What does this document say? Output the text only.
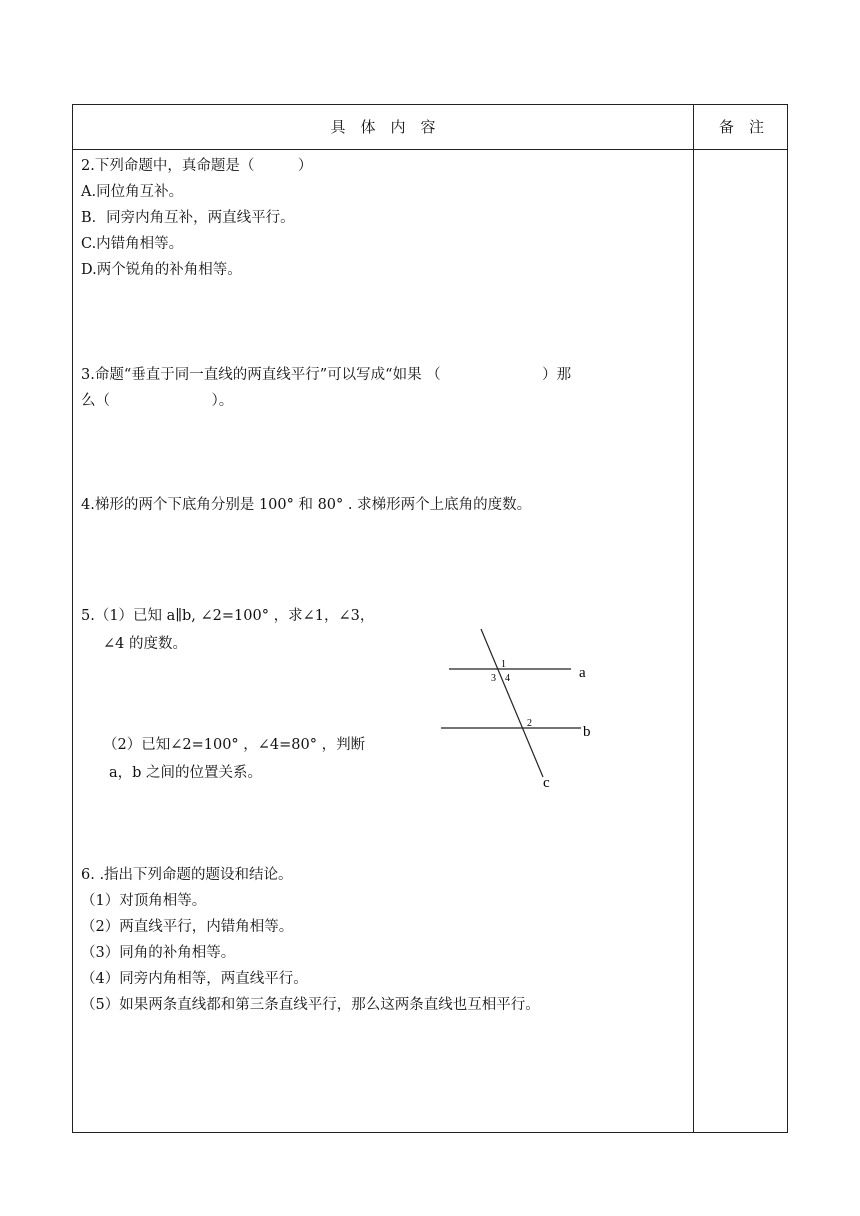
具　体　内　容	备　注
2.下列命题中，真命题是（　　　）
A.同位角互补。
B．同旁内角互补，两直线平行。
C.内错角相等。
D.两个锐角的补角相等。
3.命题“垂直于同一直线的两直线平行”可以写成“如果 （　　　　　　　）那
么（　　　　　　　）。
4.梯形的两个下底角分别是 100° 和 80° . 求梯形两个上底角的度数。
5.（1）已知 a∥b, ∠2=100° ，求∠1，∠3，
∠4 的度数。
（2）已知∠2=100° ，∠4=80° ，判断
a，b 之间的位置关系。
a
b
c
1
3 4
2
6. .指出下列命题的题设和结论。
（1）对顶角相等。
（2）两直线平行，内错角相等。
（3）同角的补角相等。
（4）同旁内角相等，两直线平行。
（5）如果两条直线都和第三条直线平行，那么这两条直线也互相平行。
